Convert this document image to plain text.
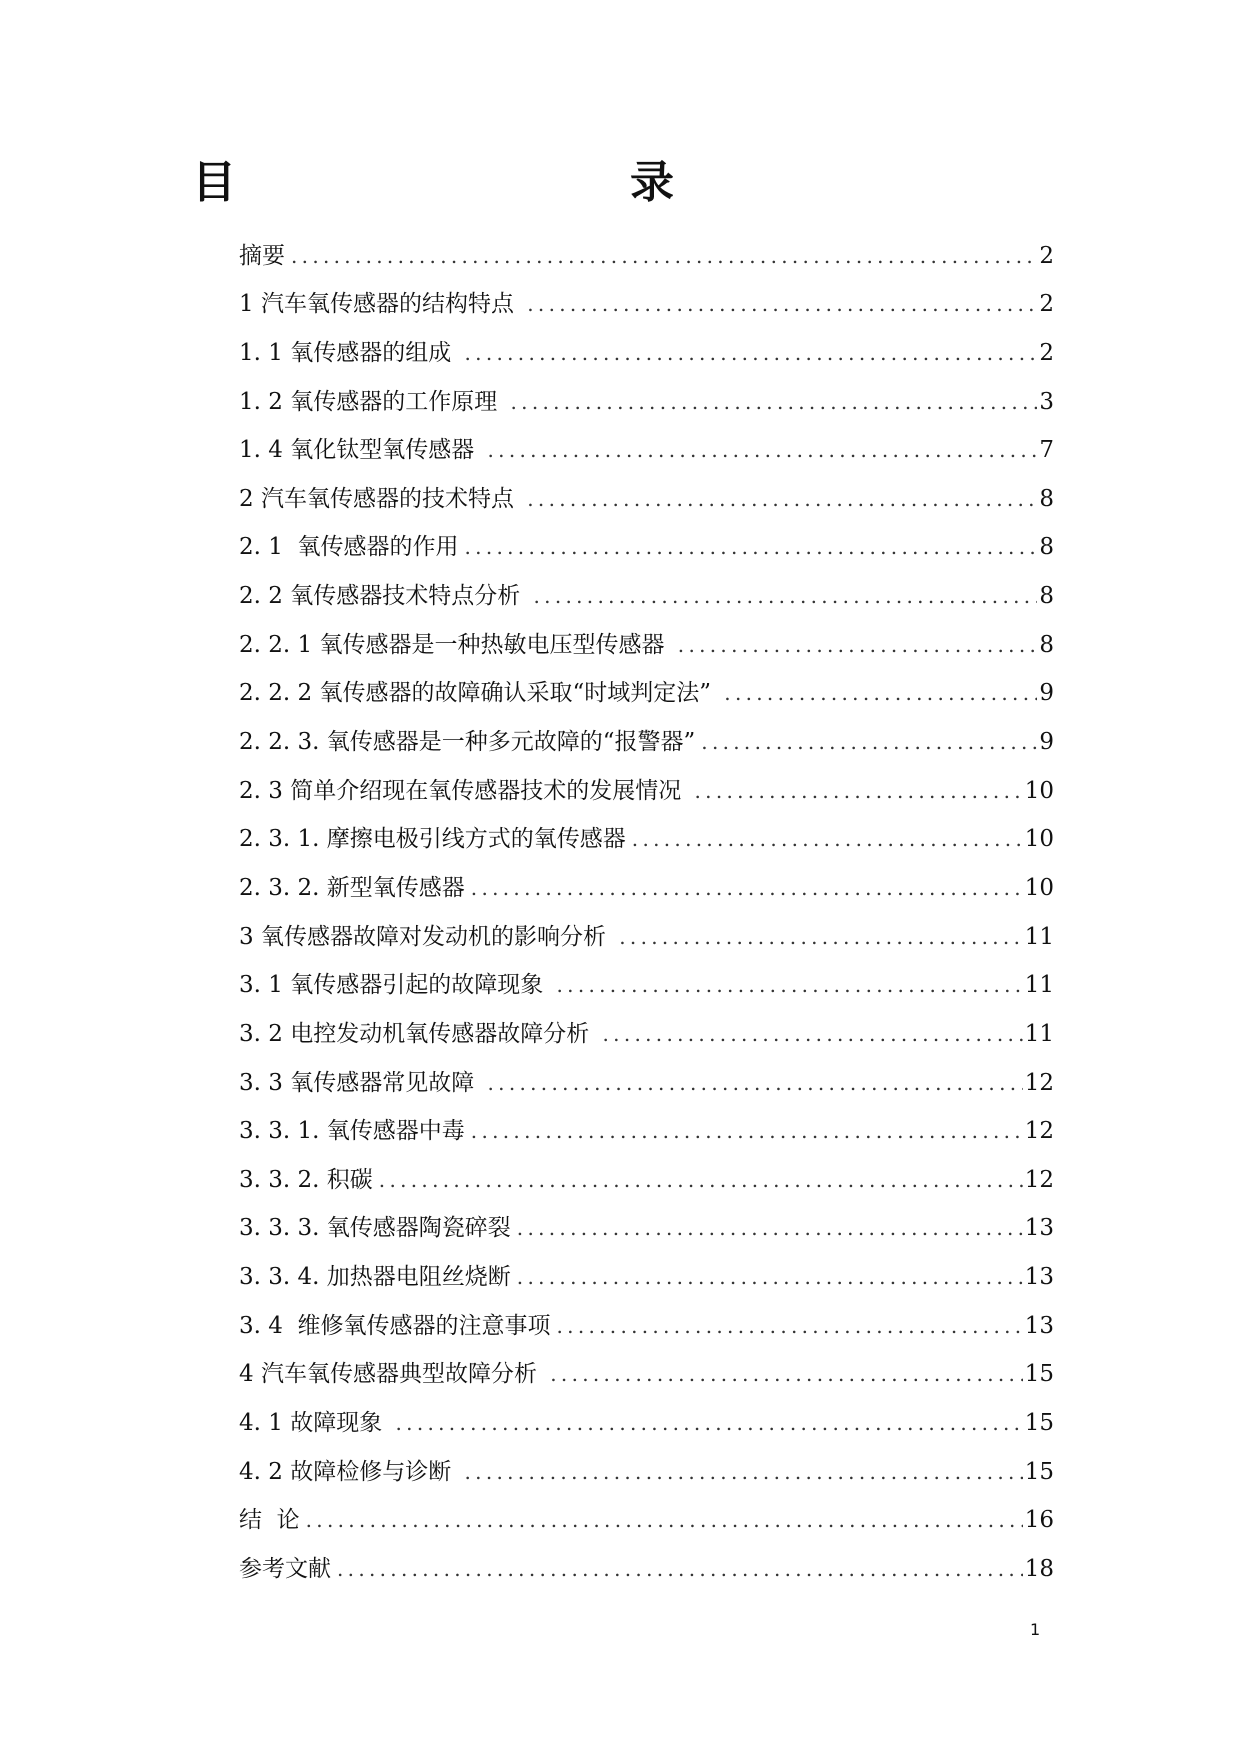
目	录
摘要 .....	2
1 汽车氧传感器的结构特点 .....	2
1. 1 氧传感器的组成 .....	2
1. 2 氧传感器的工作原理 .....	3
1. 4 氧化钛型氧传感器 .....	7
2 汽车氧传感器的技术特点 .....	8
2. 1  氧传感器的作用 .....	8
2. 2 氧传感器技术特点分析 .....	8
2. 2. 1 氧传感器是一种热敏电压型传感器 .....	8
2. 2. 2 氧传感器的故障确认采取“时域判定法” .....	9
2. 2. 3. 氧传感器是一种多元故障的“报警器” .....	9
2. 3 简单介绍现在氧传感器技术的发展情况 .....	10
2. 3. 1. 摩擦电极引线方式的氧传感器 .....	10
2. 3. 2. 新型氧传感器 .....	10
3 氧传感器故障对发动机的影响分析 .....	11
3. 1 氧传感器引起的故障现象 .....	11
3. 2 电控发动机氧传感器故障分析 .....	11
3. 3 氧传感器常见故障 .....	12
3. 3. 1. 氧传感器中毒 .....	12
3. 3. 2. 积碳 .....	12
3. 3. 3. 氧传感器陶瓷碎裂 .....	13
3. 3. 4. 加热器电阻丝烧断 .....	13
3. 4  维修氧传感器的注意事项 .....	13
4 汽车氧传感器典型故障分析 .....	15
4. 1 故障现象 .....	15
4. 2 故障检修与诊断 .....	15
结  论 .....	16
参考文献 .....	18
1
